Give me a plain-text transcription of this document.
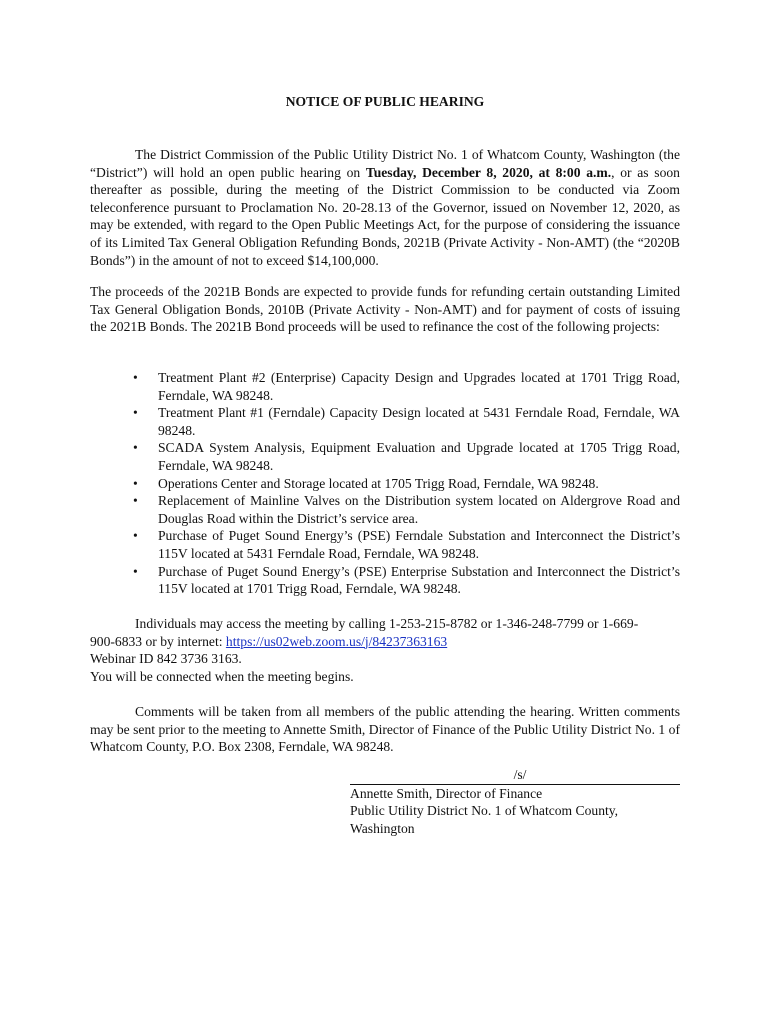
NOTICE OF PUBLIC HEARING

The District Commission of the Public Utility District No. 1 of Whatcom County, Washington (the “District”) will hold an open public hearing on Tuesday, December 8, 2020, at 8:00 a.m., or as soon thereafter as possible, during the meeting of the District Commission to be conducted via Zoom teleconference pursuant to Proclamation No. 20-28.13 of the Governor, issued on November 12, 2020, as may be extended, with regard to the Open Public Meetings Act, for the purpose of considering the issuance of its Limited Tax General Obligation Refunding Bonds, 2021B (Private Activity - Non-AMT) (the “2020B Bonds”) in the amount of not to exceed $14,100,000.

The proceeds of the 2021B Bonds are expected to provide funds for refunding certain outstanding Limited Tax General Obligation Bonds, 2010B (Private Activity - Non-AMT) and for payment of costs of issuing the 2021B Bonds. The 2021B Bond proceeds will be used to refinance the cost of the following projects:

• Treatment Plant #2 (Enterprise) Capacity Design and Upgrades located at 1701 Trigg Road, Ferndale, WA 98248.
• Treatment Plant #1 (Ferndale) Capacity Design located at 5431 Ferndale Road, Ferndale, WA 98248.
• SCADA System Analysis, Equipment Evaluation and Upgrade located at 1705 Trigg Road, Ferndale, WA 98248.
• Operations Center and Storage located at 1705 Trigg Road, Ferndale, WA 98248.
• Replacement of Mainline Valves on the Distribution system located on Aldergrove Road and Douglas Road within the District’s service area.
• Purchase of Puget Sound Energy’s (PSE) Ferndale Substation and Interconnect the District’s 115V located at 5431 Ferndale Road, Ferndale, WA 98248.
• Purchase of Puget Sound Energy’s (PSE) Enterprise Substation and Interconnect the District’s 115V located at 1701 Trigg Road, Ferndale, WA 98248.
Individuals may access the meeting by calling 1-253-215-8782 or 1-346-248-7799 or 1-669-
900-6833 or by internet: https://us02web.zoom.us/j/84237363163
Webinar ID 842 3736 3163.
You will be connected when the meeting begins.

Comments will be taken from all members of the public attending the hearing. Written comments may be sent prior to the meeting to Annette Smith, Director of Finance of the Public Utility District No. 1 of Whatcom County, P.O. Box 2308, Ferndale, WA 98248.

/s/
Annette Smith, Director of Finance
Public Utility District No. 1 of Whatcom County,
Washington
